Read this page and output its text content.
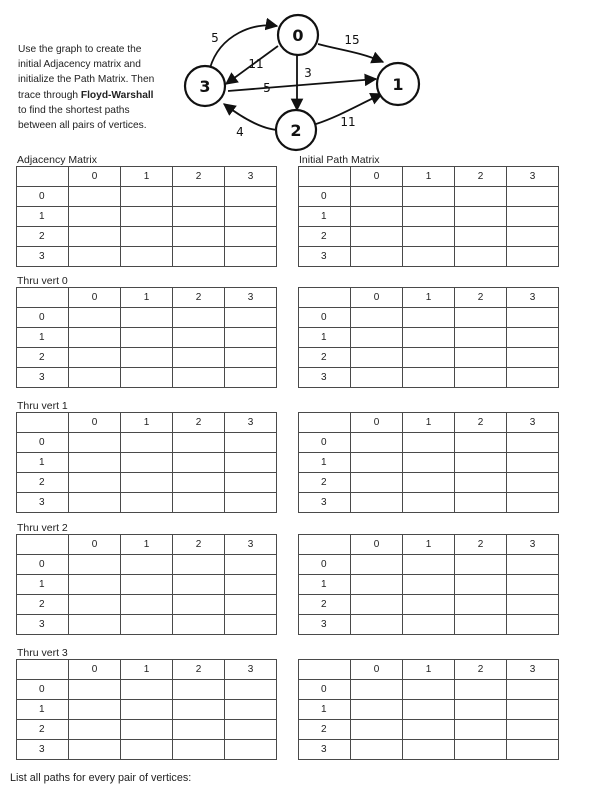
Use the graph to create the
initial Adjacency matrix and
initialize the Path Matrix. Then
trace through Floyd-Warshall
to find the shortest paths
between all pairs of vertices.
0
1
2
3
5
11
15
3
5
4
11
Adjacency Matrix	Initial Path Matrix
Thru vert 0
Thru vert 1
Thru vert 2
Thru vert 3
	0	1	2	3
0				
1				
2				
3				
	0	1	2	3
0				
1				
2				
3				
	0	1	2	3
0				
1				
2				
3				
	0	1	2	3
0				
1				
2				
3				
	0	1	2	3
0				
1				
2				
3				
	0	1	2	3
0				
1				
2				
3				
	0	1	2	3
0				
1				
2				
3				
	0	1	2	3
0				
1				
2				
3				
	0	1	2	3
0				
1				
2				
3				
	0	1	2	3
0				
1				
2				
3				
List all paths for every pair of vertices:
